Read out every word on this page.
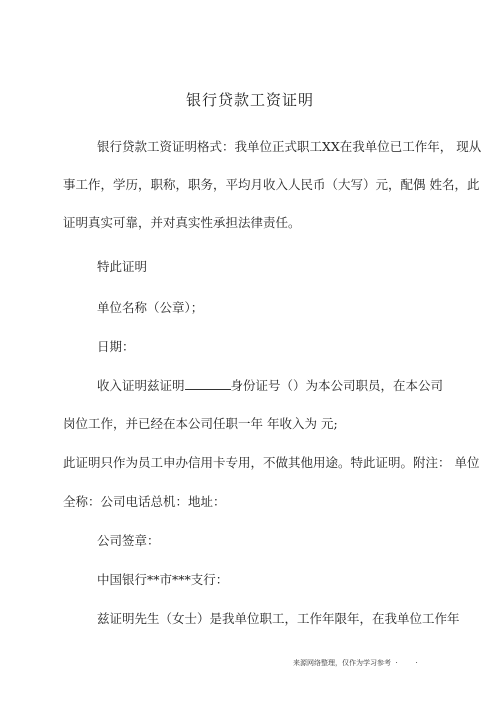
银行贷款工资证明
银行贷款工资证明格式：我单位正式职工XX在我单位已工作年， 现从
事工作，学历，职称，职务，平均月收入人民币（大写）元，配偶 姓名，此
证明真实可靠，并对真实性承担法律责任。
特此证明
单位名称（公章）；
日期：
收入证明兹证明	身份证号（）为本公司职员，在本公司
岗位工作，并已经在本公司任职一年 年收入为 元;
此证明只作为员工申办信用卡专用，不做其他用途。特此证明。附注： 单位
全称：公司电话总机：地址：
公司签章：
中国银行**市***支行：
兹证明先生（女士）是我单位职工，工作年限年，在我单位工作年
来源网络整理，仅作为学习参考  ·        ·
